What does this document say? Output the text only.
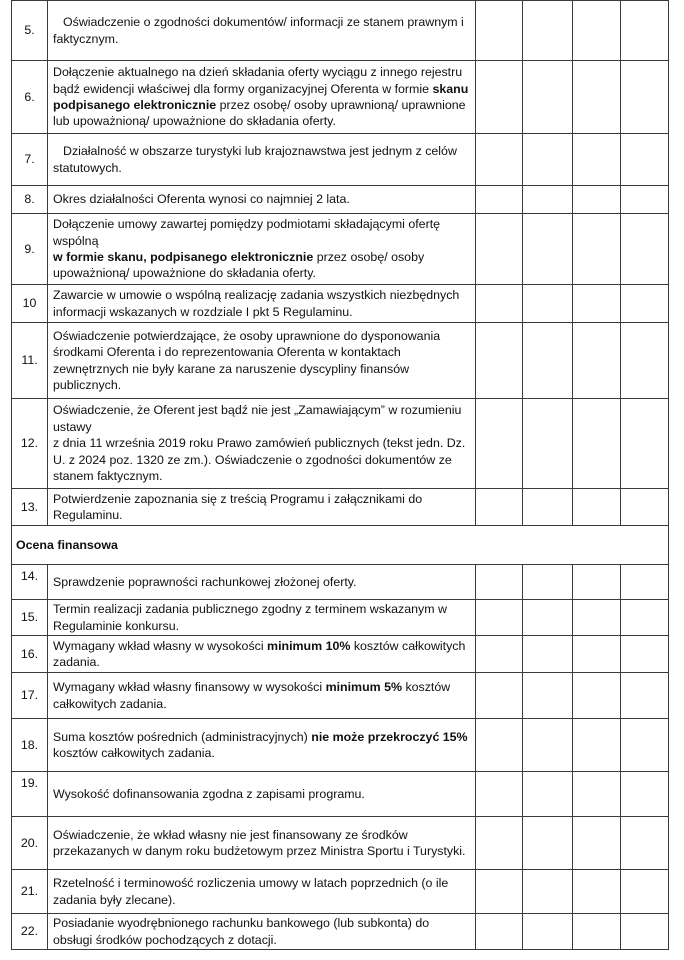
5.	Oświadczenie o zgodności dokumentów/ informacji ze stanem prawnym i faktycznym.				

6.	Dołączenie aktualnego na dzień składania oferty wyciągu z innego rejestru bądź ewidencji właściwej dla formy organizacyjnej Oferenta w formie skanu podpisanego elektronicznie przez osobę/ osoby uprawnioną/ uprawnione lub upoważnioną/ upoważnione do składania oferty.				

7.	Działalność w obszarze turystyki lub krajoznawstwa jest jednym z celów statutowych.				

8.	Okres działalności Oferenta wynosi co najmniej 2 lata.				

9.	Dołączenie umowy zawartej pomiędzy podmiotami składającymi ofertę wspólną
w formie skanu, podpisanego elektronicznie przez osobę/ osoby upoważnioną/ upoważnione do składania oferty.				

10	Zawarcie w umowie o wspólną realizację zadania wszystkich niezbędnych informacji wskazanych w rozdziale I pkt 5 Regulaminu.				

11.	Oświadczenie potwierdzające, że osoby uprawnione do dysponowania środkami Oferenta i do reprezentowania Oferenta w kontaktach zewnętrznych nie były karane za naruszenie dyscypliny finansów publicznych.				

12.	Oświadczenie, że Oferent jest bądź nie jest „Zamawiającym” w rozumieniu ustawy
z dnia 11 września 2019 roku Prawo zamówień publicznych (tekst jedn. Dz. U. z 2024 poz. 1320 ze zm.). Oświadczenie o zgodności dokumentów ze stanem faktycznym.				

13.	Potwierdzenie zapoznania się z treścią Programu i załącznikami do Regulaminu.				

Ocena finansowa					
14.	Sprawdzenie poprawności rachunkowej złożonej oferty.				

15.	Termin realizacji zadania publicznego zgodny z terminem wskazanym w Regulaminie konkursu.				

16.	Wymagany wkład własny w wysokości minimum 10% kosztów całkowitych zadania.				

17.	Wymagany wkład własny finansowy w wysokości minimum 5% kosztów całkowitych zadania.				

18.	Suma kosztów pośrednich (administracyjnych) nie może przekroczyć 15% kosztów całkowitych zadania.				

19.	Wysokość dofinansowania zgodna z zapisami programu.				

20.	Oświadczenie, że wkład własny nie jest finansowany ze środków przekazanych w danym roku budżetowym przez Ministra Sportu i Turystyki.				

21.	Rzetelność i terminowość rozliczenia umowy w latach poprzednich (o ile zadania były zlecane).				

22.	Posiadanie wyodrębnionego rachunku bankowego (lub subkonta) do obsługi środków pochodzących z dotacji.				
